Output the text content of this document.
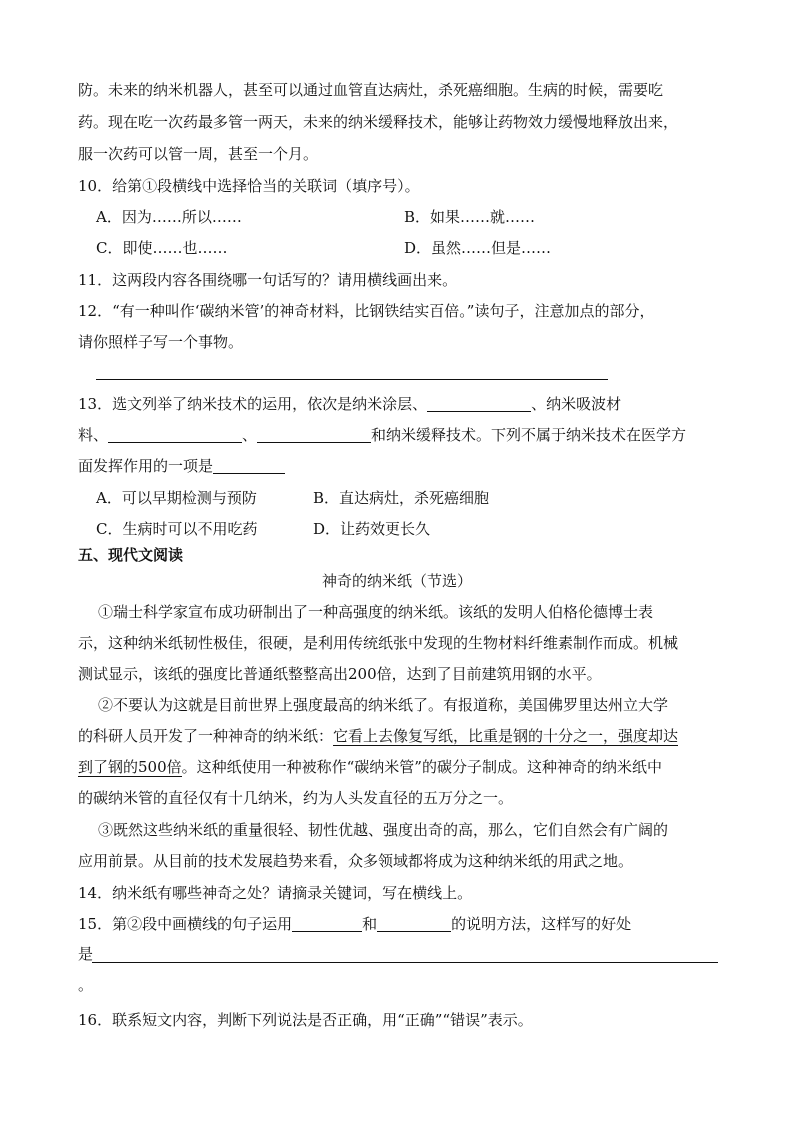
防。未来的纳米机器人，甚至可以通过血管直达病灶，杀死癌细胞。生病的时候，需要吃
药。现在吃一次药最多管一两天，未来的纳米缓释技术，能够让药物效力缓慢地释放出来，
服一次药可以管一周，甚至一个月。
10．给第①段横线中选择恰当的关联词（填序号）。
A．因为……所以……	B．如果……就……
C．即使……也……	D．虽然……但是……
11．这两段内容各围绕哪一句话写的？请用横线画出来。
12．“有一种叫作‘碳纳米管’的神奇材料，比钢铁结实百倍。”读句子，注意加点的部分，
请你照样子写一个事物。
13．选文列举了纳米技术的运用，依次是纳米涂层、	、纳米吸波材
料、	、	和纳米缓释技术。下列不属于纳米技术在医学方
面发挥作用的一项是
A．可以早期检测与预防	B．直达病灶，杀死癌细胞
C．生病时可以不用吃药	D．让药效更长久
五、现代文阅读
神奇的纳米纸（节选）
①瑞士科学家宣布成功研制出了一种高强度的纳米纸。该纸的发明人伯格伦德博士表
示，这种纳米纸韧性极佳，很硬，是利用传统纸张中发现的生物材料纤维素制作而成。机械
测试显示，该纸的强度比普通纸整整高出200倍，达到了目前建筑用钢的水平。
②不要认为这就是目前世界上强度最高的纳米纸了。有报道称，美国佛罗里达州立大学
的科研人员开发了一种神奇的纳米纸：它看上去像复写纸，比重是钢的十分之一，强度却达
到了钢的500倍。这种纸使用一种被称作“碳纳米管”的碳分子制成。这种神奇的纳米纸中
的碳纳米管的直径仅有十几纳米，约为人头发直径的五万分之一。
③既然这些纳米纸的重量很轻、韧性优越、强度出奇的高，那么，它们自然会有广阔的
应用前景。从目前的技术发展趋势来看，众多领域都将成为这种纳米纸的用武之地。
14．纳米纸有哪些神奇之处？请摘录关键词，写在横线上。
15．第②段中画横线的句子运用	和	的说明方法，这样写的好处
是
。
16．联系短文内容，判断下列说法是否正确，用“正确”“错误”表示。
